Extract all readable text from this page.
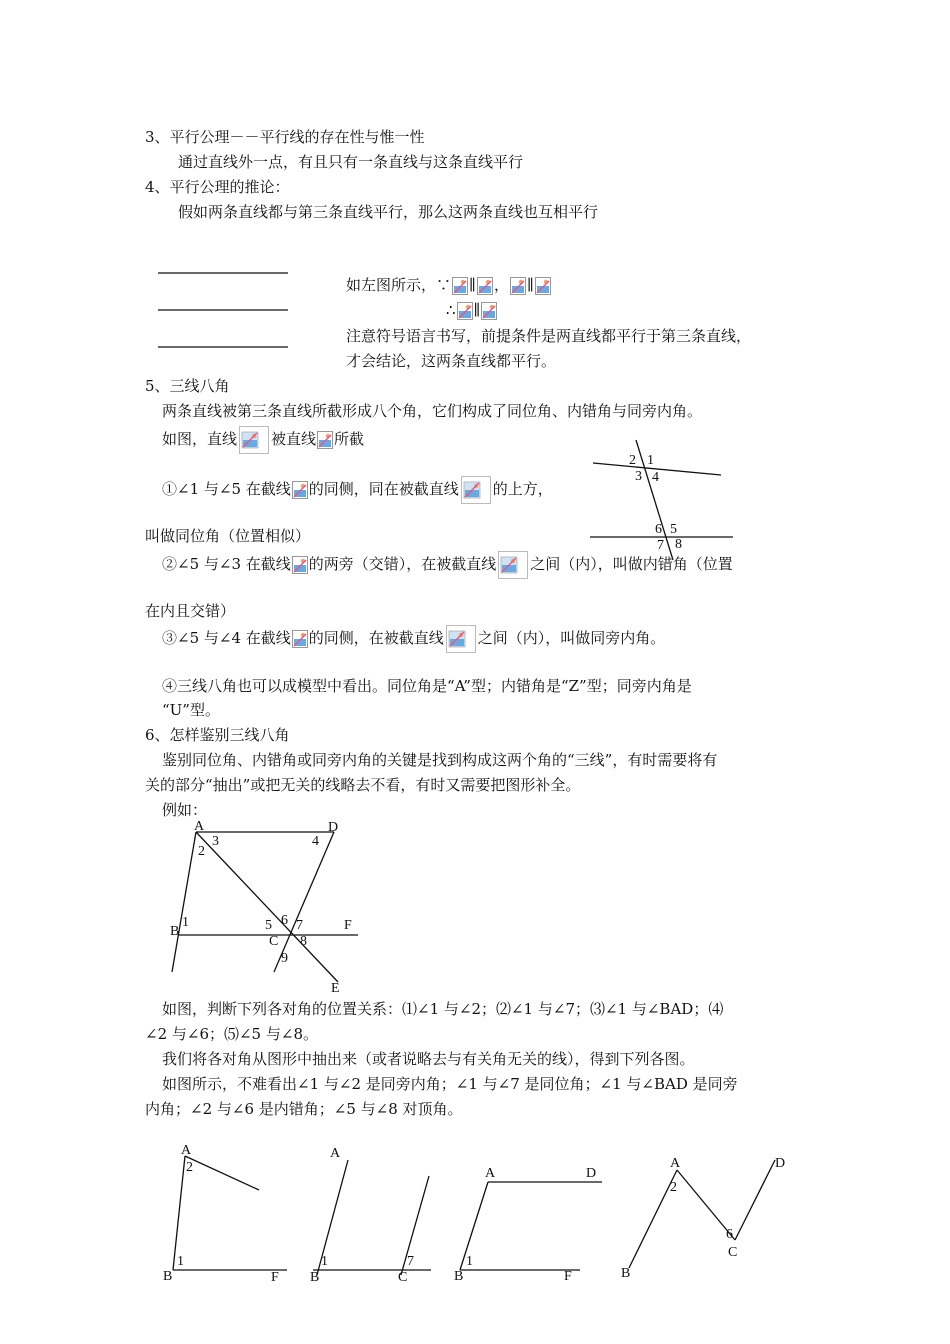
3、平行公理－－平行线的存在性与惟一性
通过直线外一点，有且只有一条直线与这条直线平行
4、平行公理的推论：
假如两条直线都与第三条直线平行，那么这两条直线也互相平行
如左图所示，∵ ∥ ， ∥
∴ ∥
注意符号语言书写，前提条件是两直线都平行于第三条直线，
才会结论，这两条直线都平行。
5、三线八角
两条直线被第三条直线所截形成八个角，它们构成了同位角、内错角与同旁内角。
如图，直线 被直线 所截
2 1
3 4
6 5
7 8
①∠1 与∠5 在截线 的同侧，同在被截直线 的上方，
叫做同位角（位置相似）
②∠5 与∠3 在截线 的两旁（交错），在被截直线 之间（内），叫做内错角（位置
在内且交错）
③∠5 与∠4 在截线 的同侧，在被截直线 之间（内），叫做同旁内角。
④三线八角也可以成模型中看出。同位角是“A”型；内错角是“Z”型；同旁内角是
“U”型。
6、怎样鉴别三线八角
鉴别同位角、内错角或同旁内角的关键是找到构成这两个角的“三线”，有时需要将有
关的部分“抽出”或把无关的线略去不看，有时又需要把图形补全。
例如：
A	D
3
2
4
B
1	5 6 7	F
C 8
9
E
如图，判断下列各对角的位置关系：⑴∠1 与∠2；⑵∠1 与∠7；⑶∠1 与∠BAD；⑷
∠2 与∠6；⑸∠5 与∠8。
我们将各对角从图形中抽出来（或者说略去与有关角无关的线），得到下列各图。
如图所示，不难看出∠1 与∠2 是同旁内角；∠1 与∠7 是同位角；∠1 与∠BAD 是同旁
内角；∠2 与∠6 是内错角；∠5 与∠8 对顶角。
A
2
1
B	F
A
1	7
B	C
A	D
1
B	F
A	D
2
6
C
B
